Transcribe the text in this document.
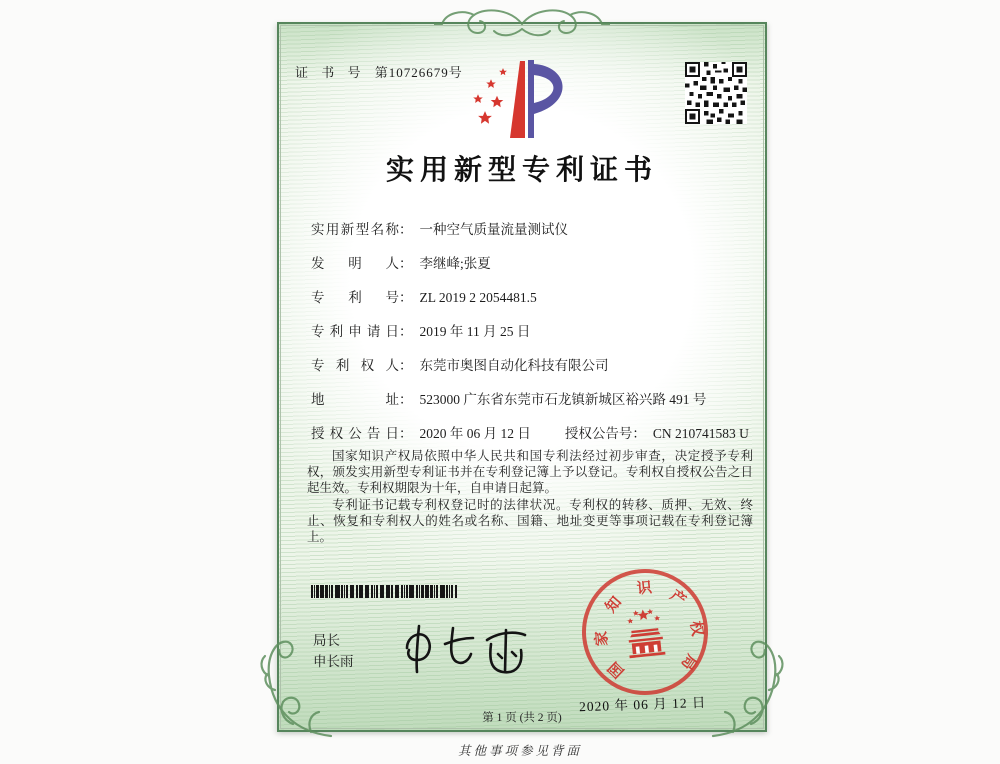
证 书 号 第10726679号
实用新型专利证书
实用新型名称： 一种空气质量流量测试仪
发明人： 李继峰;张夏
专利号： ZL 2019 2 2054481.5
专利申请日： 2019 年 11 月 25 日
专利权人： 东莞市奥图自动化科技有限公司
地址： 523000 广东省东莞市石龙镇新城区裕兴路 491 号
授权公告日： 2020 年 06 月 12 日	授权公告号： CN 210741583 U

国家知识产权局依照中华人民共和国专利法经过初步审查，决定授予专利权，颁发实用新型专利证书并在专利登记簿上予以登记。专利权自授权公告之日起生效。专利权期限为十年，自申请日起算。

专利证书记载专利权登记时的法律状况。专利权的转移、质押、无效、终止、恢复和专利权人的姓名或名称、国籍、地址变更等事项记载在专利登记簿上。

局长
申长雨	国
家
知
识 产
权
局
2020 年 06 月 12 日
第 1 页 (共 2 页)
其他事项参见背面
